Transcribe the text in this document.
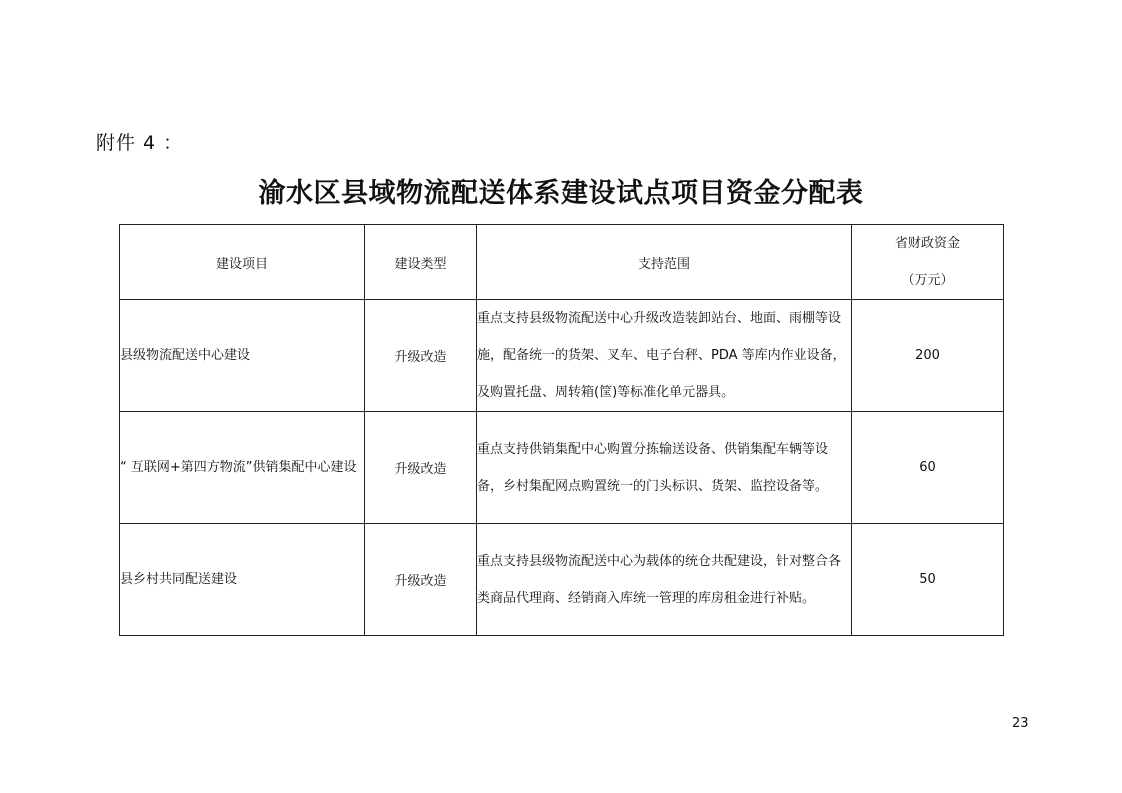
附件 4 ：
渝水区县域物流配送体系建设试点项目资金分配表
建设项目	建设类型	支持范围	省财政资金
（万元）

县级物流配送中心建设	升级改造	重点支持县级物流配送中心升级改造装卸站台、地面、雨棚等设施，配备统一的货架、叉车、电子台秤、PDA 等库内作业设备，及购置托盘、周转箱(筐)等标准化单元器具。	200
“ 互联网+第四方物流”供销集配中心建设	升级改造	重点支持供销集配中心购置分拣输送设备、供销集配车辆等设备，乡村集配网点购置统一的门头标识、货架、监控设备等。	60
县乡村共同配送建设	升级改造	重点支持县级物流配送中心为载体的统仓共配建设，针对整合各类商品代理商、经销商入库统一管理的库房租金进行补贴。	50
23
